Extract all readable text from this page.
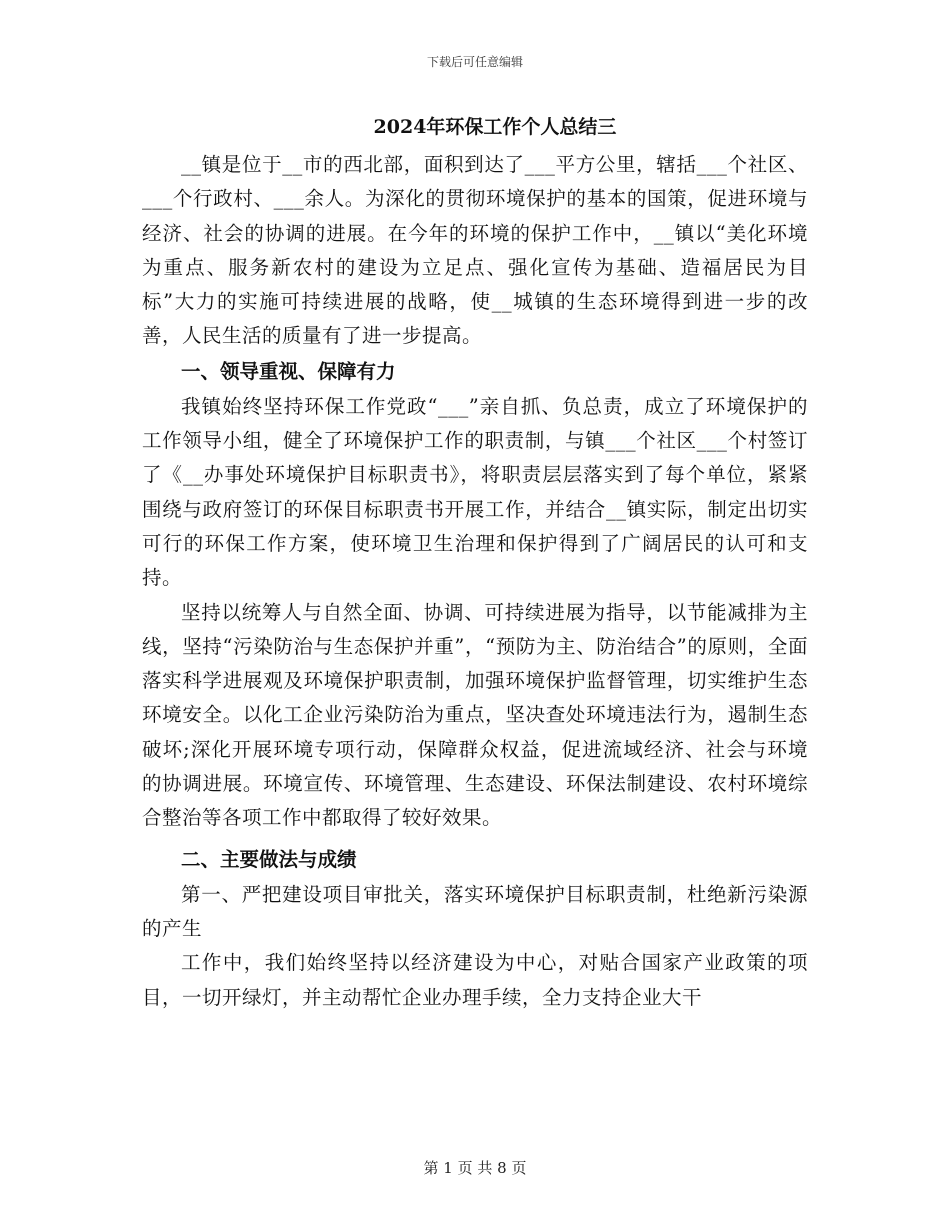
下载后可任意编辑
2024年环保工作个人总结三

__镇是位于__市的西北部，面积到达了___平方公里，辖括___个社区、___个行政村、___余人。为深化的贯彻环境保护的基本的国策，促进环境与经济、社会的协调的进展。在今年的环境的保护工作中，__镇以“美化环境为重点、服务新农村的建设为立足点、强化宣传为基础、造福居民为目标”大力的实施可持续进展的战略，使__城镇的生态环境得到进一步的改善，人民生活的质量有了进一步提高。

一、领导重视、保障有力

我镇始终坚持环保工作党政“___”亲自抓、负总责，成立了环境保护的工作领导小组，健全了环境保护工作的职责制，与镇___个社区___个村签订了《__办事处环境保护目标职责书》，将职责层层落实到了每个单位，紧紧围绕与政府签订的环保目标职责书开展工作，并结合__镇实际，制定出切实可行的环保工作方案，使环境卫生治理和保护得到了广阔居民的认可和支持。

坚持以统筹人与自然全面、协调、可持续进展为指导，以节能减排为主线，坚持“污染防治与生态保护并重”，“预防为主、防治结合”的原则，全面落实科学进展观及环境保护职责制，加强环境保护监督管理，切实维护生态环境安全。以化工企业污染防治为重点，坚决查处环境违法行为，遏制生态破坏;深化开展环境专项行动，保障群众权益，促进流域经济、社会与环境的协调进展。环境宣传、环境管理、生态建设、环保法制建设、农村环境综合整治等各项工作中都取得了较好效果。

二、主要做法与成绩

第一、严把建设项目审批关，落实环境保护目标职责制，杜绝新污染源的产生

工作中，我们始终坚持以经济建设为中心，对贴合国家产业政策的项目，一切开绿灯，并主动帮忙企业办理手续，全力支持企业大干

第 1 页 共 8 页
